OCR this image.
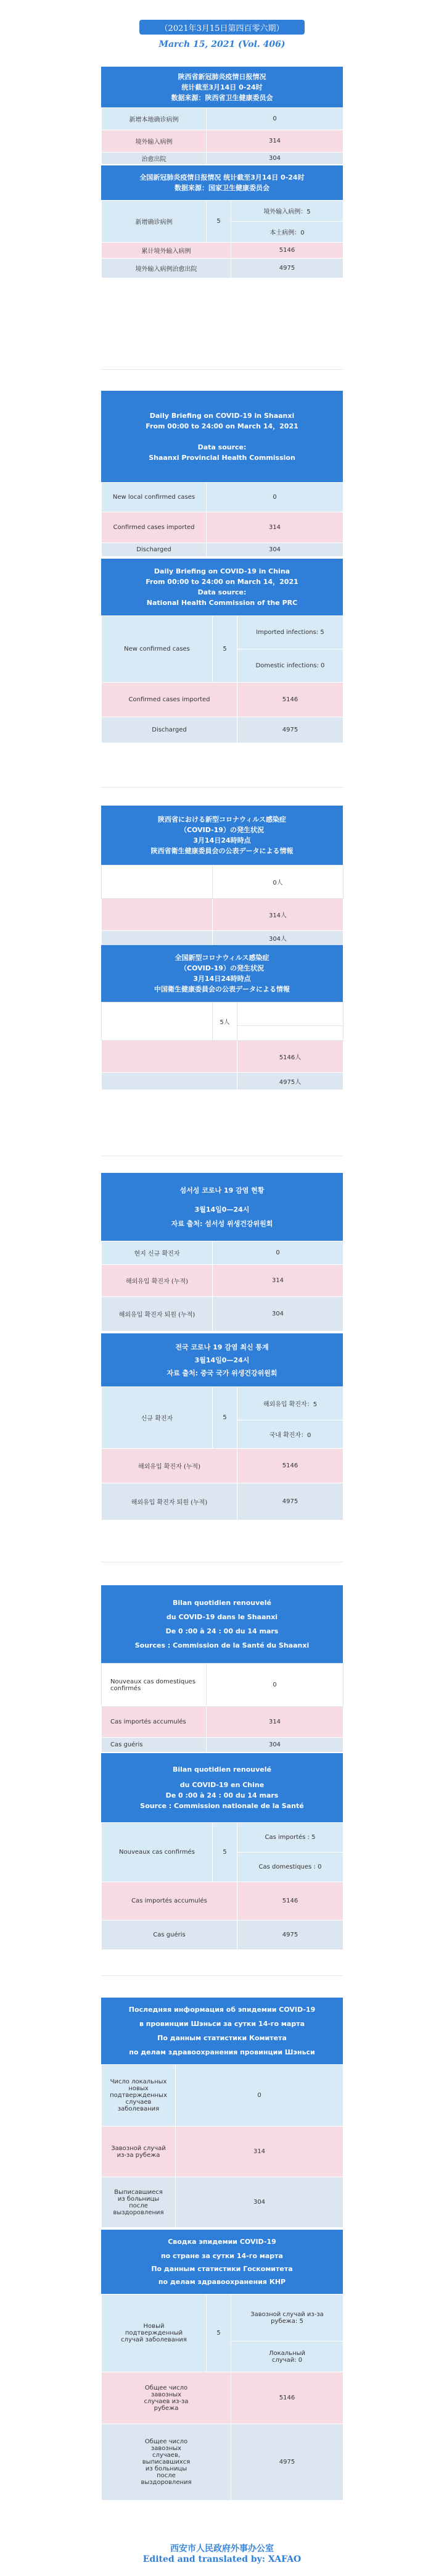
（2021年3月15日第四百零六期）
March 15, 2021 (Vol. 406)
陕西省新冠肺炎疫情日报情况
统计截至3月14日 0-24时
数据来源：陕西省卫生健康委员会
新增本地确诊病例	0
境外输入病例	314
治愈出院	304
全国新冠肺炎疫情日报情况 统计截至3月14日 0-24时
数据来源：国家卫生健康委员会
新增确诊病例	5	境外输入病例：5
		本土病例：0
累计境外输入病例		5146
境外输入病例治愈出院		4975
Daily Briefing on COVID-19 in Shaanxi
From 00:00 to 24:00 on March 14，2021
Data source:
Shaanxi Provincial Health Commission
New local confirmed cases	0
Confirmed cases imported	314
Discharged	304
Daily Briefing on COVID-19 in China
From 00:00 to 24:00 on March 14，2021
Data source:
National Health Commission of the PRC
New confirmed cases	5	Imported infections: 5
		Domestic infections: 0
Confirmed cases imported		5146
Discharged		4975
陝西省における新型コロナウィルス感染症
（COVID-19）の発生状況
3月14日24時時点
陝西省衛生健康委員会の公表データによる情報
	0人
	314人
	304人
全国新型コロナウィルス感染症
（COVID-19）の発生状況
3月14日24時時点
中国衛生健康委員会の公表データによる情報
	5人	

		5146人
		4975人
섬서성 코로나 19 감염 현황
3월14일0—24시
자료 출처: 섬서성 위생건강위원회
현지 신규 확진자	0
해외유입 확진자 (누적)	314
해외유입 확진자 퇴원 (누적)	304
전국 코로나 19 감염 최신 통계
3월14일0—24시
자료 출처: 중국 국가 위생건강위원회
신규 확진자	5	해외유입 확진자：5
		국내 확진자：0
해외유입 확진자 (누적)		5146
해외유입 확진자 퇴원 (누적)		4975
Bilan quotidien renouvelé
du COVID-19 dans le Shaanxi
De 0 :00 à 24 : 00 du 14 mars
Sources : Commission de la Santé du Shaanxi
Nouveaux cas domestiques confirmés	0
Cas importés accumulés	314
Cas guéris	304
Bilan quotidien renouvelé
du COVID-19 en Chine
De 0 :00 à 24 : 00 du 14 mars
Source : Commission nationale de la Santé
Nouveaux cas confirmés	5	Cas importés : 5
		Cas domestiques : 0
Cas importés accumulés		5146
Cas guéris		4975
Последняя информация об эпидемии COVID-19
в провинции Шэньси за сутки 14-го марта
По данным статистики Комитета
по делам здравоохранения провинции Шэньси
Число локальных новых подтвержденных случаев заболевания	0
Завозной случай из-за рубежа	314
Выписавшиеся из больницы после выздоровления	304
Сводка эпидемии COVID-19
по стране за сутки 14-го марта
По данным статистики Госкомитета
по делам здравоохранения КНР
Новый подтвержденный случай заболевания	5	Завозной случай из-за рубежа: 5
		Локальный случай: 0
Общее число завозных случаев из-за рубежа		5146
Общее число завозных случаев, выписавшихся из больницы после выздоровления		4975
西安市人民政府外事办公室
Edited and translated by: XAFAO
